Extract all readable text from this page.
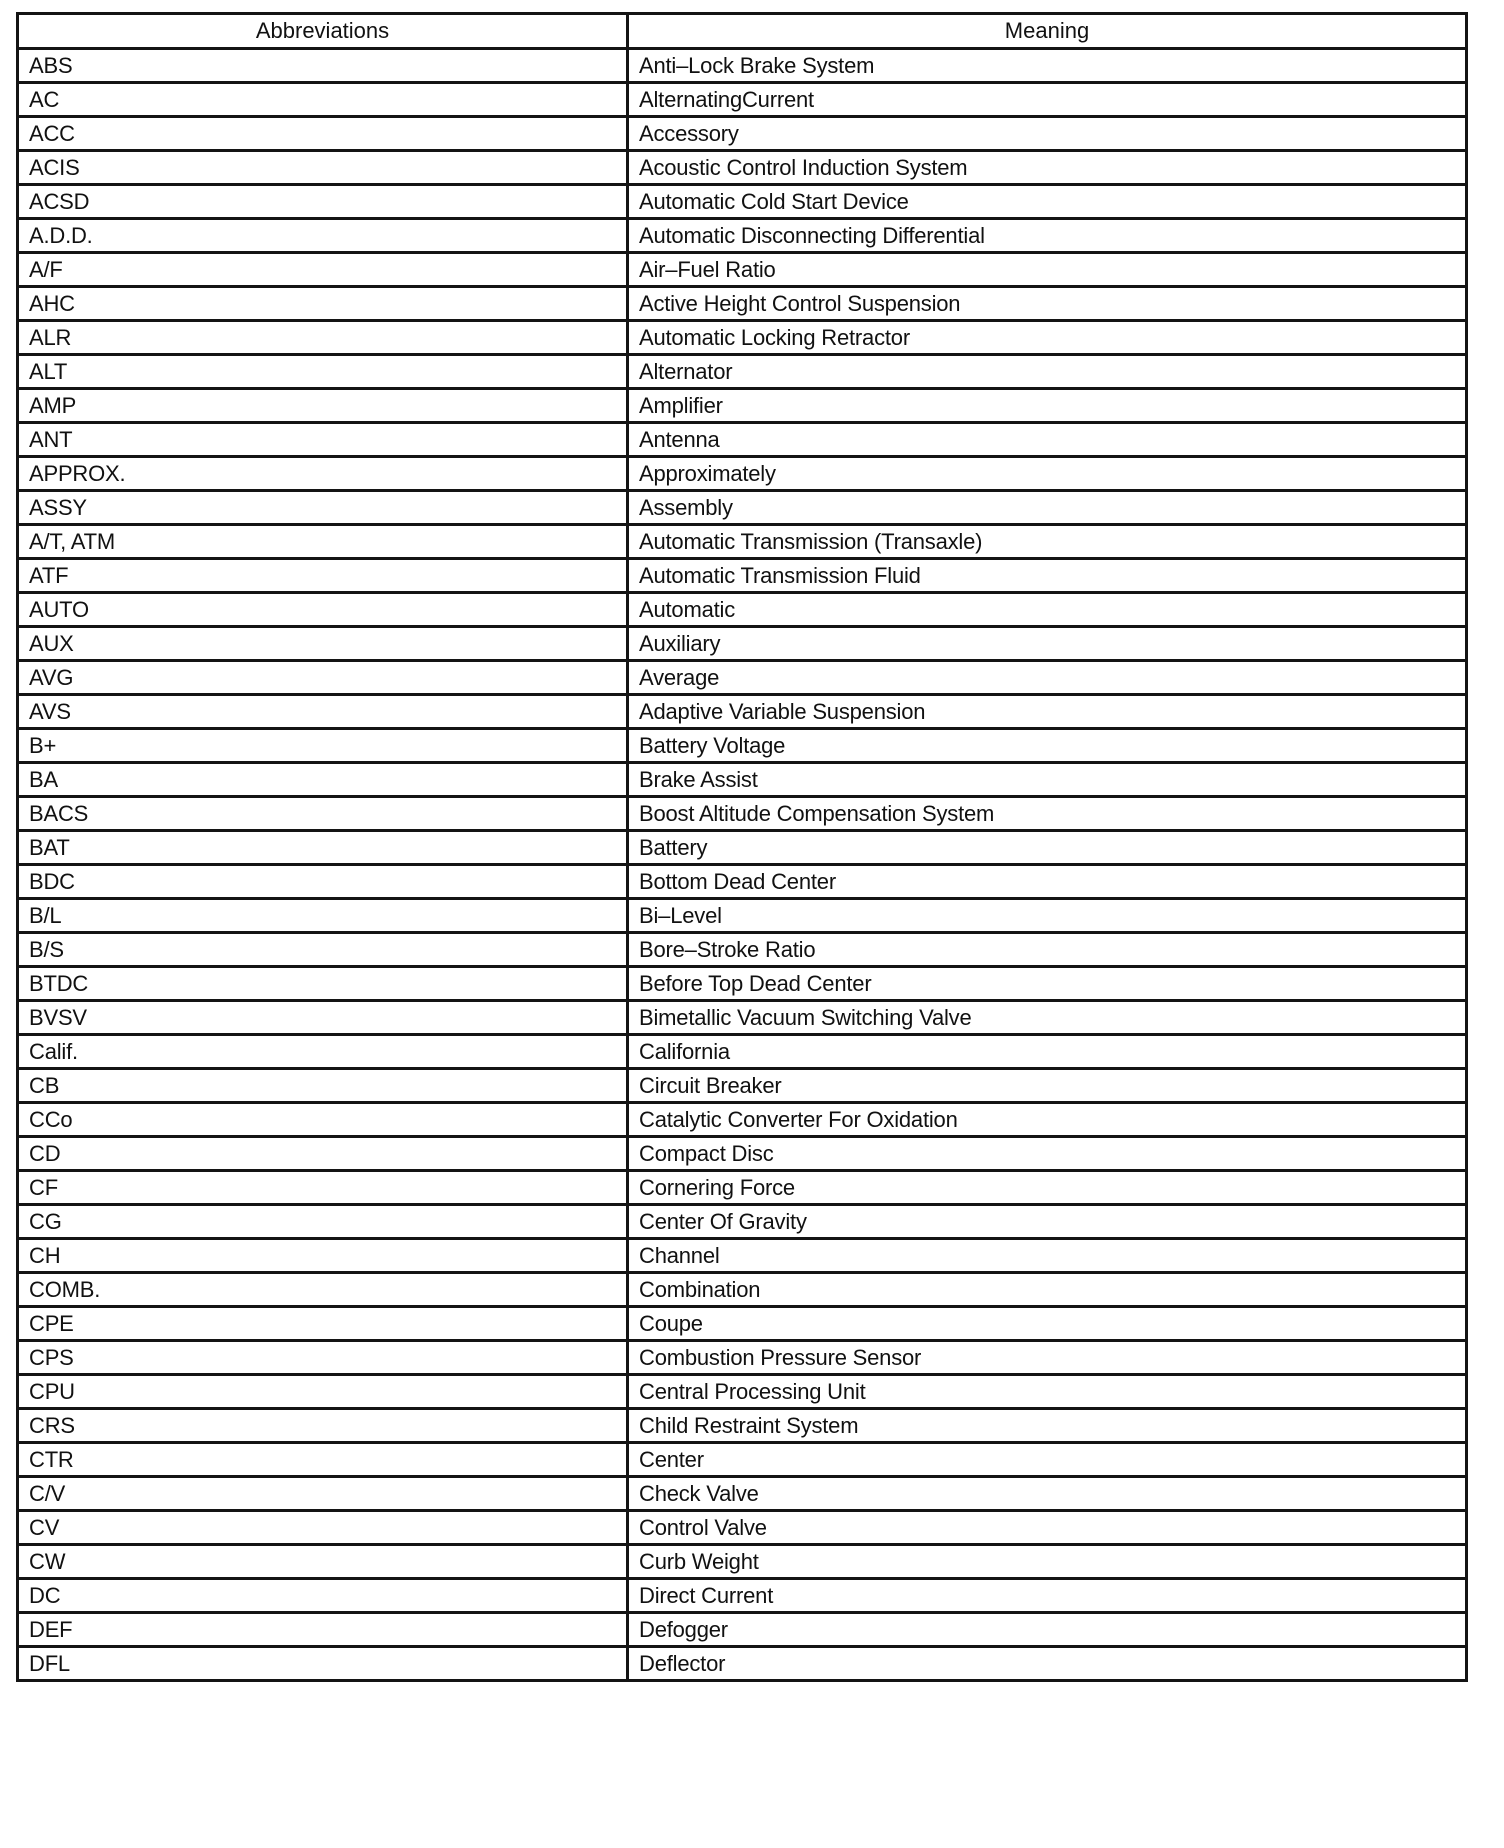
Abbreviations	Meaning
ABS	Anti–Lock Brake System
AC	AlternatingCurrent
ACC	Accessory
ACIS	Acoustic Control Induction System
ACSD	Automatic Cold Start Device
A.D.D.	Automatic Disconnecting Differential
A/F	Air–Fuel Ratio
AHC	Active Height Control Suspension
ALR	Automatic Locking Retractor
ALT	Alternator
AMP	Amplifier
ANT	Antenna
APPROX.	Approximately
ASSY	Assembly
A/T, ATM	Automatic Transmission (Transaxle)
ATF	Automatic Transmission Fluid
AUTO	Automatic
AUX	Auxiliary
AVG	Average
AVS	Adaptive Variable Suspension
B+	Battery Voltage
BA	Brake Assist
BACS	Boost Altitude Compensation System
BAT	Battery
BDC	Bottom Dead Center
B/L	Bi–Level
B/S	Bore–Stroke Ratio
BTDC	Before Top Dead Center
BVSV	Bimetallic Vacuum Switching Valve
Calif.	California
CB	Circuit Breaker
CCo	Catalytic Converter For Oxidation
CD	Compact Disc
CF	Cornering Force
CG	Center Of Gravity
CH	Channel
COMB.	Combination
CPE	Coupe
CPS	Combustion Pressure Sensor
CPU	Central Processing Unit
CRS	Child Restraint System
CTR	Center
C/V	Check Valve
CV	Control Valve
CW	Curb Weight
DC	Direct Current
DEF	Defogger
DFL	Deflector
